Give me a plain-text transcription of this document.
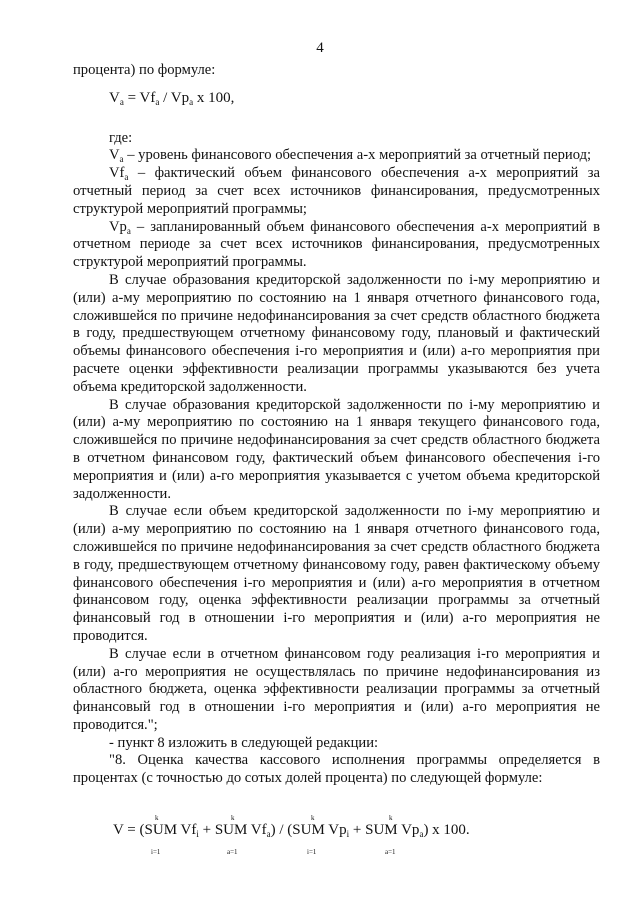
4

процента) по формуле:

$V_a = Vf_a / Vp_a$ x 100,

где:

$V_a$ – уровень финансового обеспечения а-х мероприятий за отчетный период;

$Vf_a$ – фактический объем финансового обеспечения а-х мероприятий за отчетный период за счет всех источников финансирования, предусмотренных структурой мероприятий программы;

$Vp_a$ – запланированный объем финансового обеспечения а-х мероприятий в отчетном периоде за счет всех источников финансирования, предусмотренных структурой мероприятий программы.

В случае образования кредиторской задолженности по i-му мероприятию и (или) а-му мероприятию по состоянию на 1 января отчетного финансового года, сложившейся по причине недофинансирования за счет средств областного бюджета в году, предшествующем отчетному финансовому году, плановый и фактический объемы финансового обеспечения i-го мероприятия и (или) а-го мероприятия при расчете оценки эффективности реализации программы указываются без учета объема кредиторской задолженности.

В случае образования кредиторской задолженности по i-му мероприятию и (или) а-му мероприятию по состоянию на 1 января текущего финансового года, сложившейся по причине недофинансирования за счет средств областного бюджета в отчетном финансовом году, фактический объем финансового обеспечения i-го мероприятия и (или) а-го мероприятия указывается с учетом объема кредиторской задолженности.

В случае если объем кредиторской задолженности по i-му мероприятию и (или) а-му мероприятию по состоянию на 1 января отчетного финансового года, сложившейся по причине недофинансирования за счет средств областного бюджета в году, предшествующем отчетному финансовому году, равен фактическому объему финансового обеспечения i-го мероприятия и (или) а-го мероприятия в отчетном финансовом году, оценка эффективности реализации программы за отчетный финансовый год в отношении i-го мероприятия и (или) а-го мероприятия не проводится.

В случае если в отчетном финансовом году реализация i-го мероприятия и (или) а-го мероприятия не осуществлялась по причине недофинансирования из областного бюджета, оценка эффективности реализации программы за отчетный финансовый год в отношении i-го мероприятия и (или) а-го мероприятия не проводится.";

- пункт 8 изложить в следующей редакции:

"8. Оценка качества кассового исполнения программы определяется в процентах (с точностью до сотых долей процента) по следующей формуле:

k
i=1
k
a=1
k
i=1
k
a=1
V = (SUM $Vf_i$ + SUM $Vf_a) / (SUM$ $Vp_i$ + SUM $Vp_a$) x 100.
